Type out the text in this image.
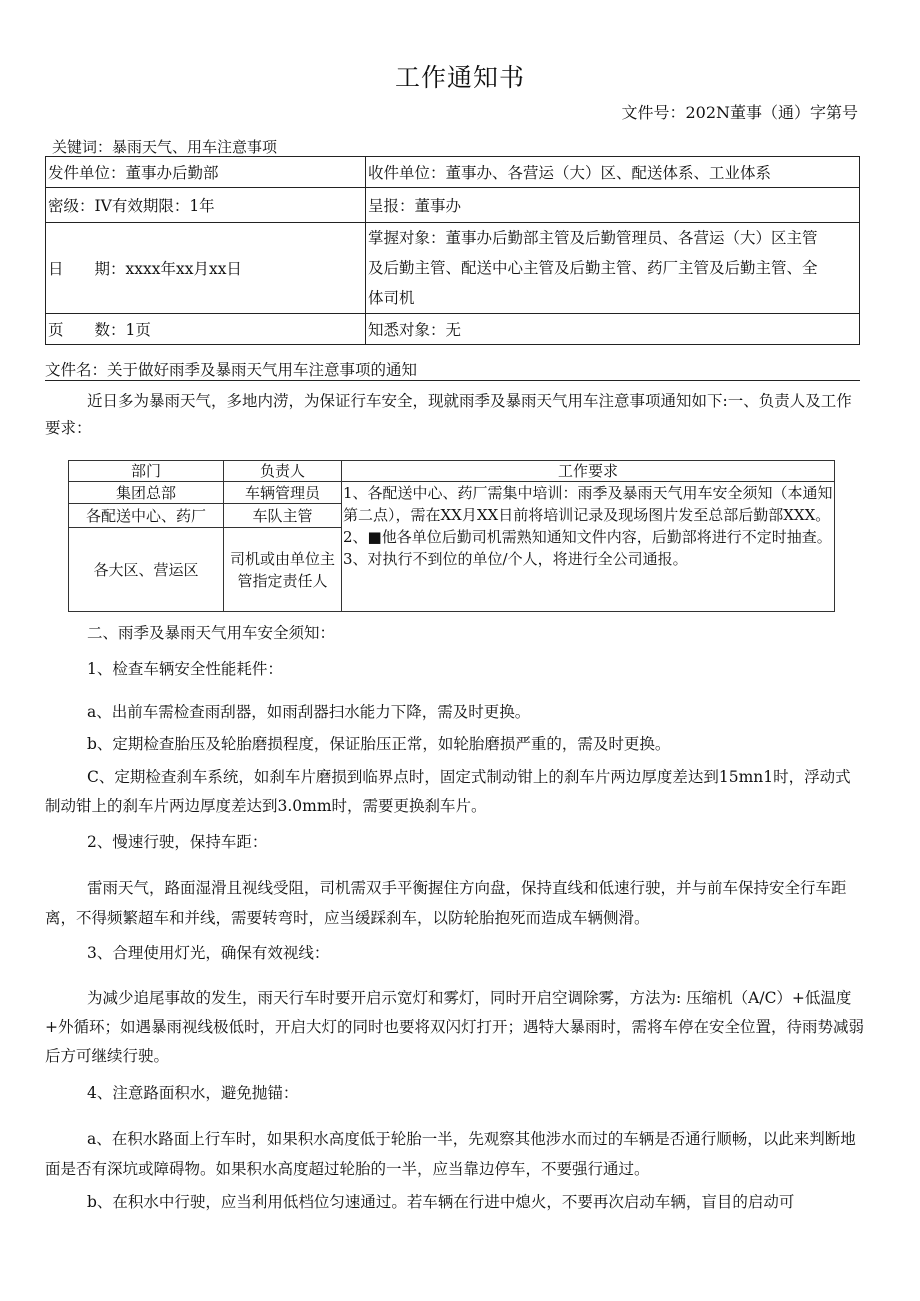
工作通知书
文件号：202N董事（通）字第号
关键词：暴雨天气、用车注意事项
发件单位：董事办后勤部	收件单位：董事办、各营运（大）区、配送体系、工业体系
密级：IV有效期限：1年	呈报：董事办
日　　期：xxxx年xx月xx日	掌握对象：董事办后勤部主管及后勤管理员、各营运（大）区主管及后勤主管、配送中心主管及后勤主管、药厂主管及后勤主管、全体司机
页　　数：1页	知悉对象：无
文件名：关于做好雨季及暴雨天气用车注意事项的通知
近日多为暴雨天气，多地内涝，为保证行车安全，现就雨季及暴雨天气用车注意事项通知如下:一、负责人及工作要求：
部门	负责人	工作要求
集团总部	车辆管理员	1、各配送中心、药厂需集中培训：雨季及暴雨天气用车安全须知（本通知第二点），需在XX月XX日前将培训记录及现场图片发至总部后勤部XXX。
2、■他各单位后勤司机需熟知通知文件内容，后勤部将进行不定时抽查。
3、对执行不到位的单位/个人，将进行全公司通报。

各配送中心、药厂	车队主管	
各大区、营运区	司机或由单位主管指定责任人	
二、雨季及暴雨天气用车安全须知：
1、检查车辆安全性能耗件：
a、出前车需检查雨刮器，如雨刮器扫水能力下降，需及时更换。
b、定期检查胎压及轮胎磨损程度，保证胎压正常，如轮胎磨损严重的，需及时更换。
C、定期检查刹车系统，如刹车片磨损到临界点时，固定式制动钳上的刹车片两边厚度差达到15mn1时，浮动式制动钳上的刹车片两边厚度差达到3.0mm时，需要更换刹车片。
2、慢速行驶，保持车距：
雷雨天气，路面湿滑且视线受阻，司机需双手平衡握住方向盘，保持直线和低速行驶，并与前车保持安全行车距离，不得频繁超车和并线，需要转弯时，应当缓踩刹车，以防轮胎抱死而造成车辆侧滑。
3、合理使用灯光，确保有效视线：
为减少追尾事故的发生，雨天行车时要开启示宽灯和雾灯，同时开启空调除雾，方法为: 压缩机（A/C）+低温度+外循环；如遇暴雨视线极低时，开启大灯的同时也要将双闪灯打开；遇特大暴雨时，需将车停在安全位置，待雨势减弱后方可继续行驶。
4、注意路面积水，避免抛锚：
a、在积水路面上行车时，如果积水高度低于轮胎一半，先观察其他涉水而过的车辆是否通行顺畅，以此来判断地面是否有深坑或障碍物。如果积水高度超过轮胎的一半，应当靠边停车，不要强行通过。
b、在积水中行驶，应当利用低档位匀速通过。若车辆在行进中熄火，不要再次启动车辆，盲目的启动可
